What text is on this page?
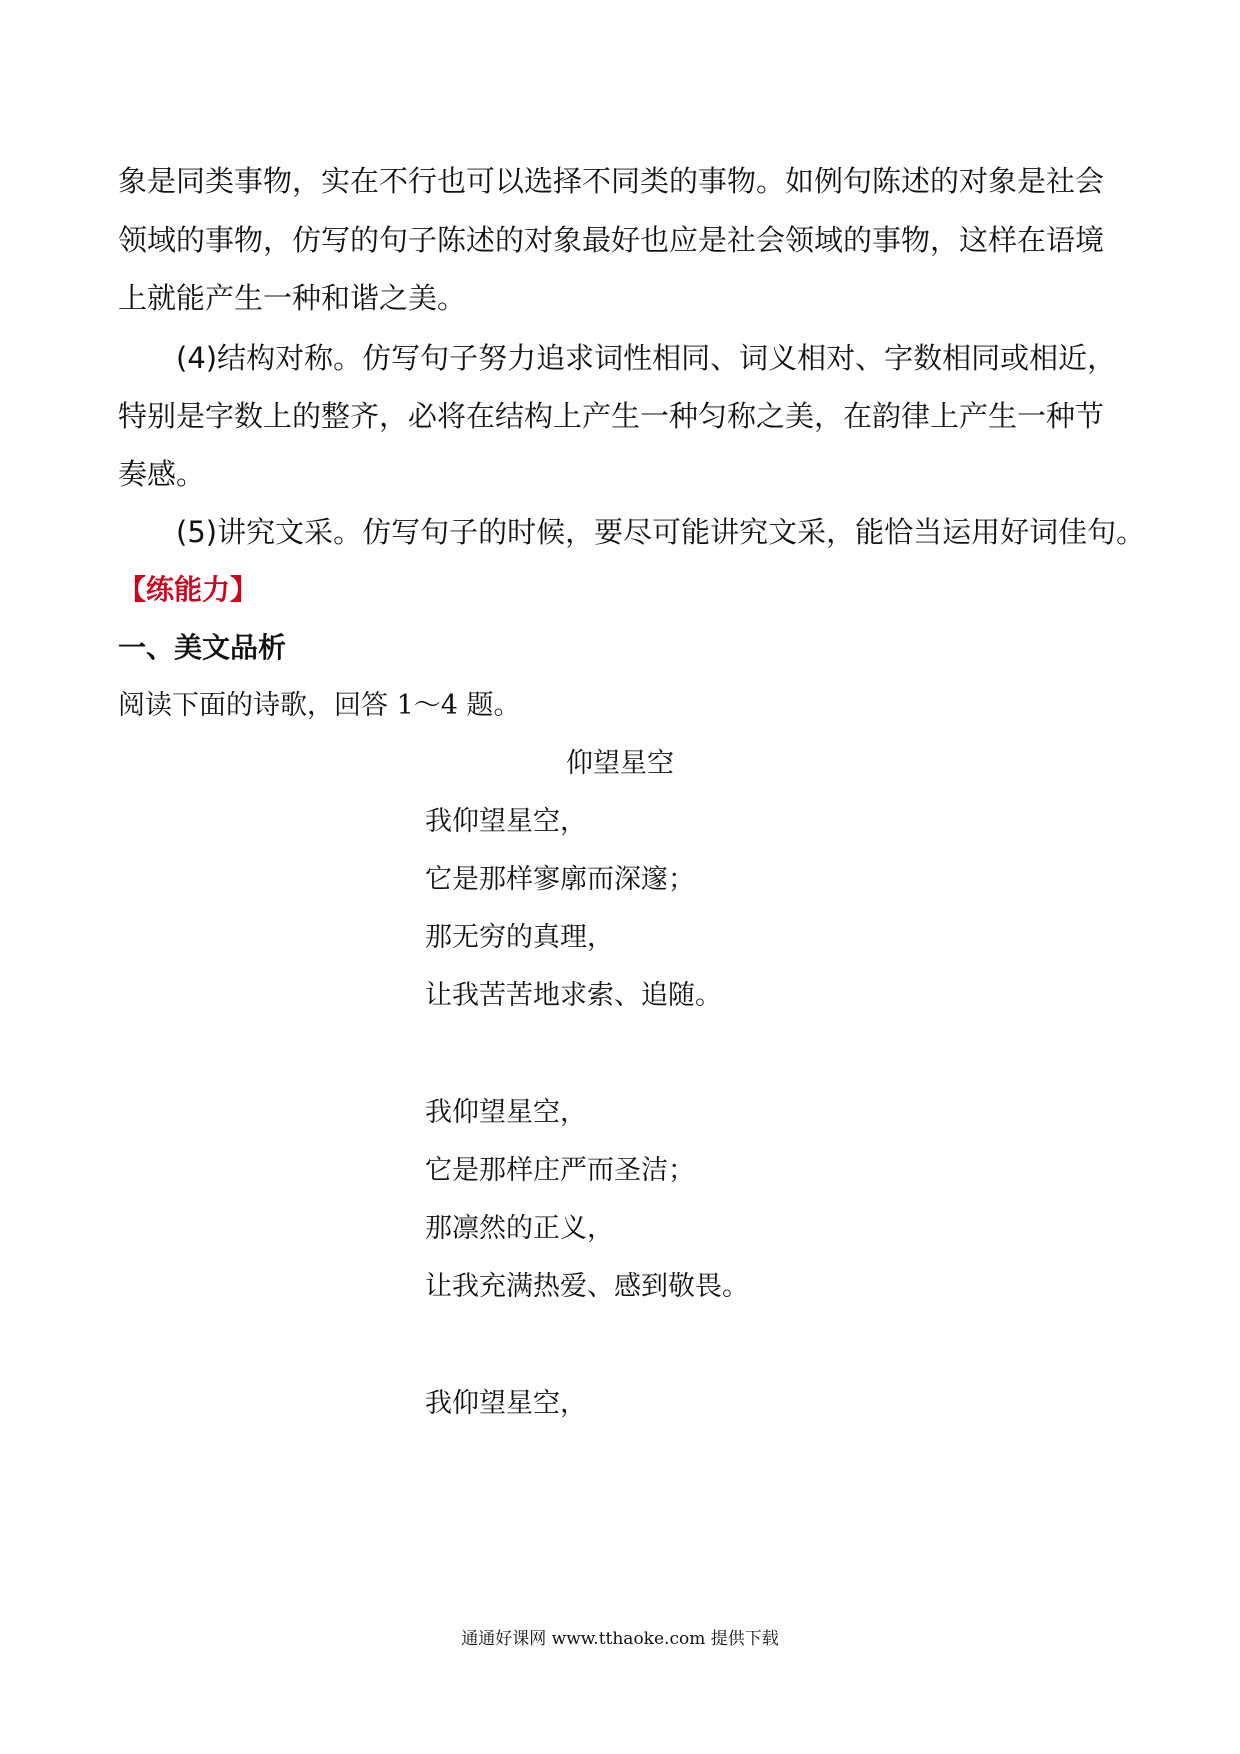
象是同类事物，实在不行也可以选择不同类的事物。如例句陈述的对象是社会
领域的事物，仿写的句子陈述的对象最好也应是社会领域的事物，这样在语境
上就能产生一种和谐之美。
(4)结构对称。仿写句子努力追求词性相同、词义相对、字数相同或相近，
特别是字数上的整齐，必将在结构上产生一种匀称之美，在韵律上产生一种节
奏感。
(5)讲究文采。仿写句子的时候，要尽可能讲究文采，能恰当运用好词佳句。
【练能力】
一、美文品析
阅读下面的诗歌，回答 1～4 题。
仰望星空
我仰望星空，
它是那样寥廓而深邃；
那无穷的真理，
让我苦苦地求索、追随。
我仰望星空，
它是那样庄严而圣洁；
那凛然的正义，
让我充满热爱、感到敬畏。
我仰望星空，
通通好课网 www.tthaoke.com 提供下载
